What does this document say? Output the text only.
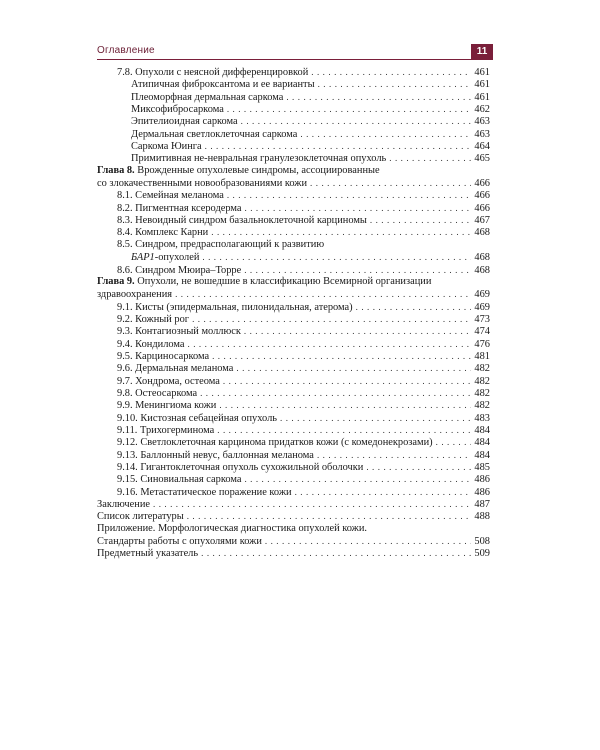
Оглавление	11
7.8. Опухоли с неясной дифференцировкой . . .	461
Атипичная фиброксантома и ее варианты . . .	461
Плеоморфная дермальная саркома . . .	461
Миксофибросаркома . . .	462
Эпителиоидная саркома . . .	463
Дермальная светлоклеточная саркома . . .	463
Саркома Юинга . . .	464
Примитивная не-невральная гранулезоклеточная опухоль . . .	465
Глава 8. Врожденные опухолевые синдромы, ассоциированные
со злокачественными новообразованиями кожи . . .	466
8.1. Семейная меланома . . .	466
8.2. Пигментная ксеродерма . . .	466
8.3. Невоидный синдром базальноклеточной карциномы . . .	467
8.4. Комплекс Карни . . .	468
8.5. Синдром, предрасполагающий к развитию
БАР1-опухолей . . .	468
8.6. Синдром Мюира–Торре . . .	468
Глава 9. Опухоли, не вошедшие в классификацию Всемирной организации
здравоохранения . . .	469
9.1. Кисты (эпидермальная, пилонидальная, атерома) . . .	469
9.2. Кожный рог . . .	473
9.3. Контагиозный моллюск . . .	474
9.4. Кондилома . . .	476
9.5. Карциносаркома . . .	481
9.6. Дермальная меланома . . .	482
9.7. Хондрома, остеома . . .	482
9.8. Остеосаркома . . .	482
9.9. Менингиома кожи . . .	482
9.10. Кистозная себацейная опухоль . . .	483
9.11. Трихогерминома . . .	484
9.12. Светлоклеточная карцинома придатков кожи (с комедонекрозами) . . .	484
9.13. Баллонный невус, баллонная меланома . . .	484
9.14. Гигантоклеточная опухоль сухожильной оболочки . . .	485
9.15. Синовиальная саркома . . .	486
9.16. Метастатическое поражение кожи . . .	486
Заключение . . .	487
Список литературы . . .	488
Приложение. Морфологическая диагностика опухолей кожи.
Стандарты работы с опухолями кожи . . .	508
Предметный указатель . . .	509
